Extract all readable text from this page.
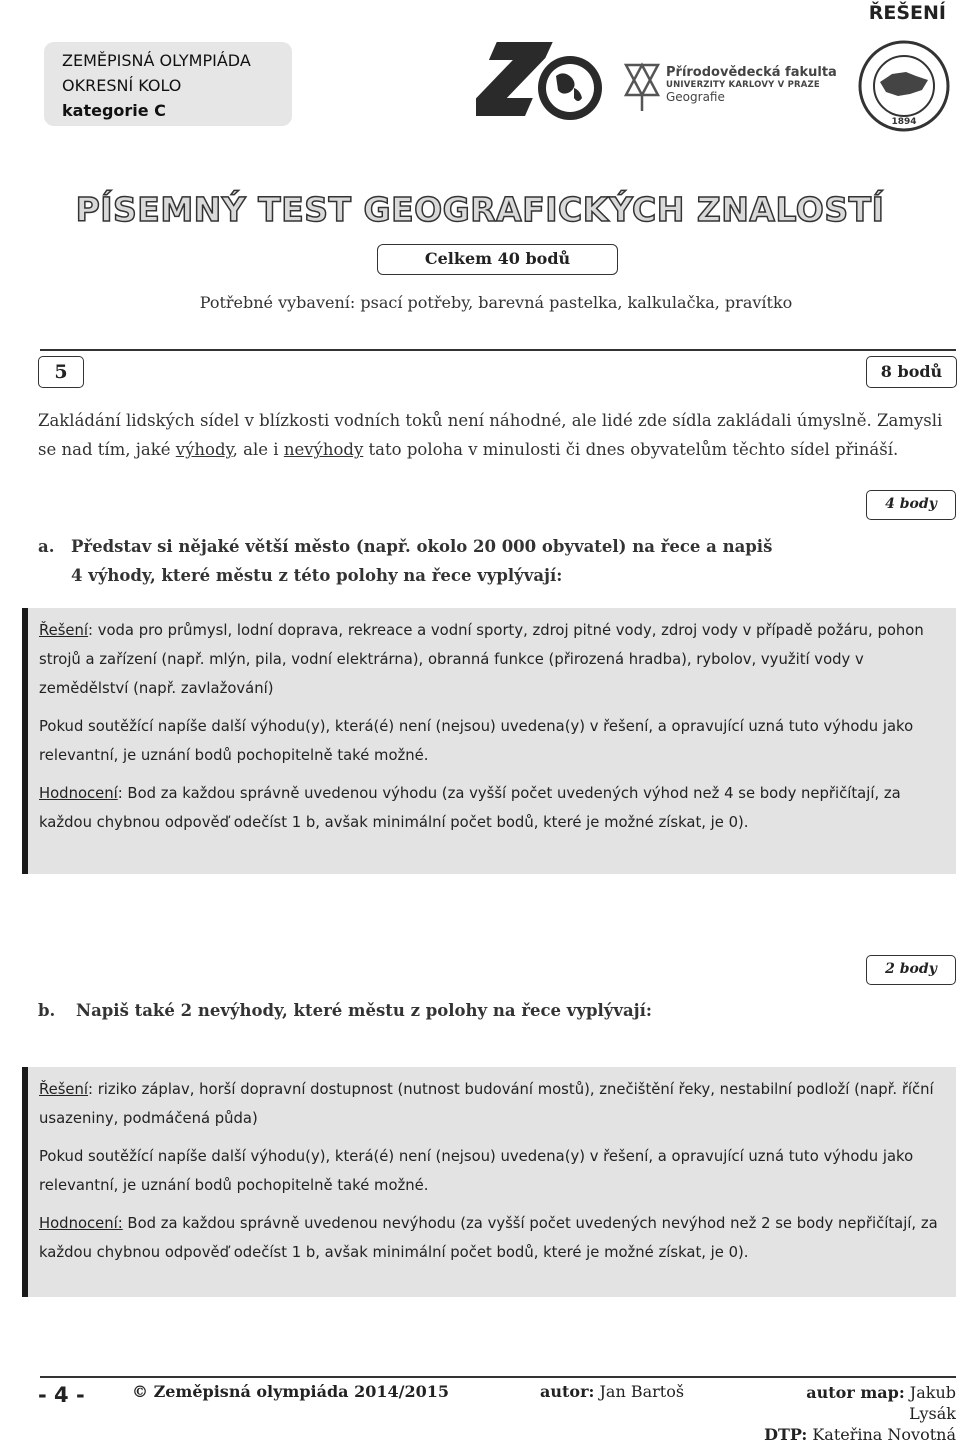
ŘEŠENÍ
ZEMĚPISNÁ OLYMPIÁDA
OKRESNÍ KOLO
kategorie C
ZO
Přírodovědecká fakulta
UNIVERZITY KARLOVY V PRAZE
Geografie
1894
PÍSEMNÝ TEST GEOGRAFICKÝCH ZNALOSTÍ
Celkem 40 bodů
Potřebné vybavení: psací potřeby, barevná pastelka, kalkulačka, pravítko
5	8 bodů
Zakládání lidských sídel v blízkosti vodních toků není náhodné, ale lidé zde sídla zakládali úmyslně. Zamysli se nad tím, jaké výhody, ale i nevýhody tato poloha v minulosti či dnes obyvatelům těchto sídel přináší.
4 body
a. Představ si nějaké větší město (např. okolo 20 000 obyvatel) na řece a napiš
4 výhody, které městu z této polohy na řece vyplývají:

Řešení: voda pro průmysl, lodní doprava, rekreace a vodní sporty, zdroj pitné vody, zdroj vody v případě požáru, pohon strojů a zařízení (např. mlýn, pila, vodní elektrárna), obranná funkce (přirozená hradba), rybolov, využití vody v zemědělství (např. zavlažování)

Pokud soutěžící napíše další výhodu(y), která(é) není (nejsou) uvedena(y) v řešení, a opravující uzná tuto výhodu jako relevantní, je uznání bodů pochopitelně také možné.

Hodnocení: Bod za každou správně uvedenou výhodu (za vyšší počet uvedených výhod než 4 se body nepřičítají, za každou chybnou odpověď odečíst 1 b, avšak minimální počet bodů, které je možné získat, je 0).

2 body
b. Napiš také 2 nevýhody, které městu z polohy na řece vyplývají:

Řešení: riziko záplav, horší dopravní dostupnost (nutnost budování mostů), znečištění řeky, nestabilní podloží (např. říční usazeniny, podmáčená půda)

Pokud soutěžící napíše další výhodu(y), která(é) není (nejsou) uvedena(y) v řešení, a opravující uzná tuto výhodu jako relevantní, je uznání bodů pochopitelně také možné.

Hodnocení: Bod za každou správně uvedenou nevýhodu (za vyšší počet uvedených nevýhod než 2 se body nepřičítají, za každou chybnou odpověď odečíst 1 b, avšak minimální počet bodů, které je možné získat, je 0).

- 4 -	© Zeměpisná olympiáda 2014/2015	autor: Jan Bartoš	autor map: Jakub Lysák
DTP: Kateřina Novotná
